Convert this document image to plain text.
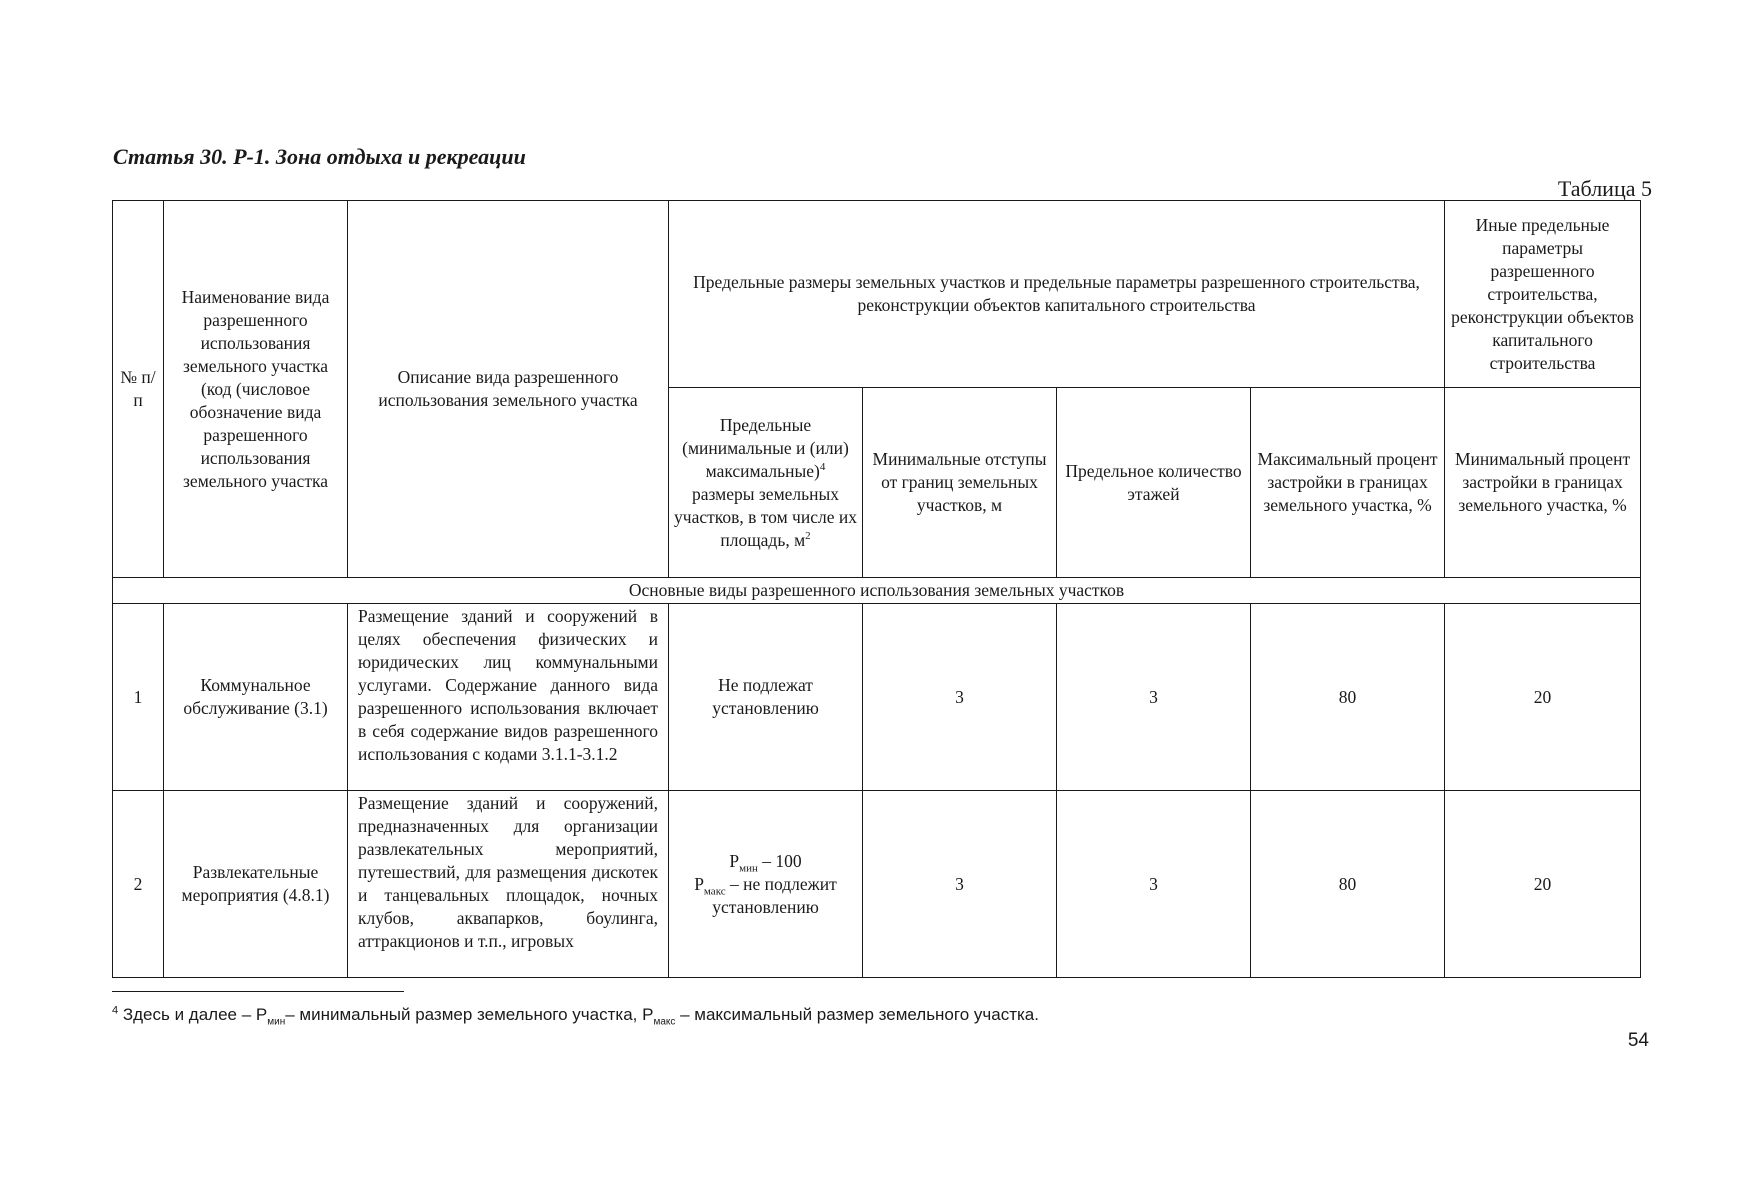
Статья 30. Р-1. Зона отдыха и рекреации
Таблица 5
№ п/п	Наименование вида разрешенного использования земельного участка (код (числовое обозначение вида разрешенного использования земельного участка	Описание вида разрешенного использования земельного участка	Предельные размеры земельных участков и предельные параметры разрешенного строительства, реконструкции объектов капитального строительства				Иные предельные параметры разрешенного строительства, реконструкции объектов капитального строительства
			Предельные (минимальные и (или) максимальные)$^4$ размеры земельных участков, в том числе их площадь, $м^2$	Минимальные отступы от границ земельных участков, м	Предельное количество этажей	Максимальный процент застройки в границах земельного участка, %	Минимальный процент застройки в границах земельного участка, %
Основные виды разрешенного использования земельных участков							
1	Коммунальное обслуживание (3.1)	Размещение зданий и сооружений в целях обеспечения физических и юридических лиц коммунальными услугами. Содержание данного вида разрешенного использования включает в себя содержание видов разрешенного использования с кодами 3.1.1-3.1.2	Не подлежат установлению	3	3	80	20
2	Развлекательные мероприятия (4.8.1)	Размещение зданий и сооружений, предназначенных для организации развлекательных мероприятий, путешествий, для размещения дискотек и танцевальных площадок, ночных клубов, аквапарков, боулинга, аттракционов и т.п., игровых	$Р_{мин} - 100$
$Р_{макс}$ – не подлежит установлению	3	3	80	20
$^4$ Здесь и далее – $Р_{мин}-$ минимальный размер земельного участка, $Р_{макс}$ – максимальный размер земельного участка.
54
